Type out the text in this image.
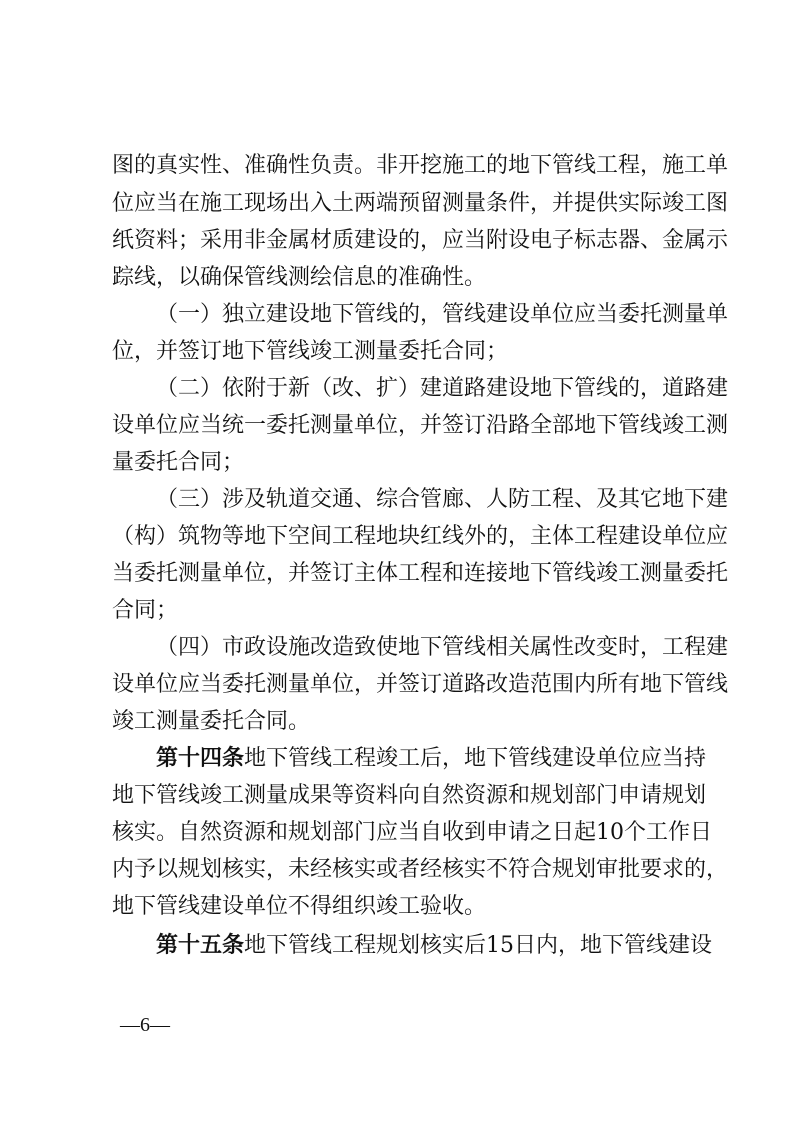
图的真实性、准确性负责。非开挖施工的地下管线工程，施工单
位应当在施工现场出入土两端预留测量条件，并提供实际竣工图
纸资料；采用非金属材质建设的，应当附设电子标志器、金属示
踪线，以确保管线测绘信息的准确性。
（一）独立建设地下管线的，管线建设单位应当委托测量单
位，并签订地下管线竣工测量委托合同；
（二）依附于新（改、扩）建道路建设地下管线的，道路建
设单位应当统一委托测量单位，并签订沿路全部地下管线竣工测
量委托合同；
（三）涉及轨道交通、综合管廊、人防工程、及其它地下建
（构）筑物等地下空间工程地块红线外的，主体工程建设单位应
当委托测量单位，并签订主体工程和连接地下管线竣工测量委托
合同；
（四）市政设施改造致使地下管线相关属性改变时，工程建
设单位应当委托测量单位，并签订道路改造范围内所有地下管线
竣工测量委托合同。
第十四条地下管线工程竣工后，地下管线建设单位应当持
地下管线竣工测量成果等资料向自然资源和规划部门申请规划
核实。自然资源和规划部门应当自收到申请之日起10个工作日
内予以规划核实，未经核实或者经核实不符合规划审批要求的，
地下管线建设单位不得组织竣工验收。
第十五条地下管线工程规划核实后15日内，地下管线建设
—6—
